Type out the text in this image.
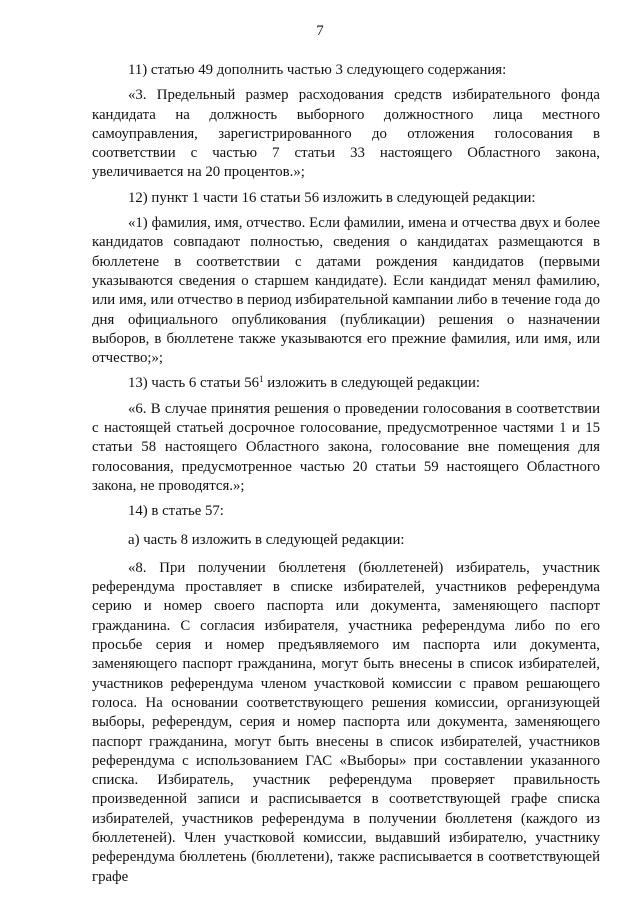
7

11) статью 49 дополнить частью 3 следующего содержания:

«3. Предельный размер расходования средств избирательного фонда кандидата на должность выборного должностного лица местного самоуправления, зарегистрированного до отложения голосования в соответствии с частью 7 статьи 33 настоящего Областного закона, увеличивается на 20 процентов.»;

12) пункт 1 части 16 статьи 56 изложить в следующей редакции:

«1) фамилия, имя, отчество. Если фамилии, имена и отчества двух и более кандидатов совпадают полностью, сведения о кандидатах размещаются в бюллетене в соответствии с датами рождения кандидатов (первыми указываются сведения о старшем кандидате). Если кандидат менял фамилию, или имя, или отчество в период избирательной кампании либо в течение года до дня официального опубликования (публикации) решения о назначении выборов, в бюллетене также указываются его прежние фамилия, или имя, или отчество;»;

13) часть 6 статьи $56^1$ изложить в следующей редакции:

«6. В случае принятия решения о проведении голосования в соответствии с настоящей статьей досрочное голосование, предусмотренное частями 1 и 15 статьи 58 настоящего Областного закона, голосование вне помещения для голосования, предусмотренное частью 20 статьи 59 настоящего Областного закона, не проводятся.»;

14) в статье 57:

а) часть 8 изложить в следующей редакции:

«8. При получении бюллетеня (бюллетеней) избиратель, участник референдума проставляет в списке избирателей, участников референдума серию и номер своего паспорта или документа, заменяющего паспорт гражданина. С согласия избирателя, участника референдума либо по его просьбе серия и номер предъявляемого им паспорта или документа, заменяющего паспорт гражданина, могут быть внесены в список избирателей, участников референдума членом участковой комиссии с правом решающего голоса. На основании соответствующего решения комиссии, организующей выборы, референдум, серия и номер паспорта или документа, заменяющего паспорт гражданина, могут быть внесены в список избирателей, участников референдума с использованием ГАС «Выборы» при составлении указанного списка. Избиратель, участник референдума проверяет правильность произведенной записи и расписывается в соответствующей графе списка избирателей, участников референдума в получении бюллетеня (каждого из бюллетеней). Член участковой комиссии, выдавший избирателю, участнику референдума бюллетень (бюллетени), также расписывается в соответствующей графе
